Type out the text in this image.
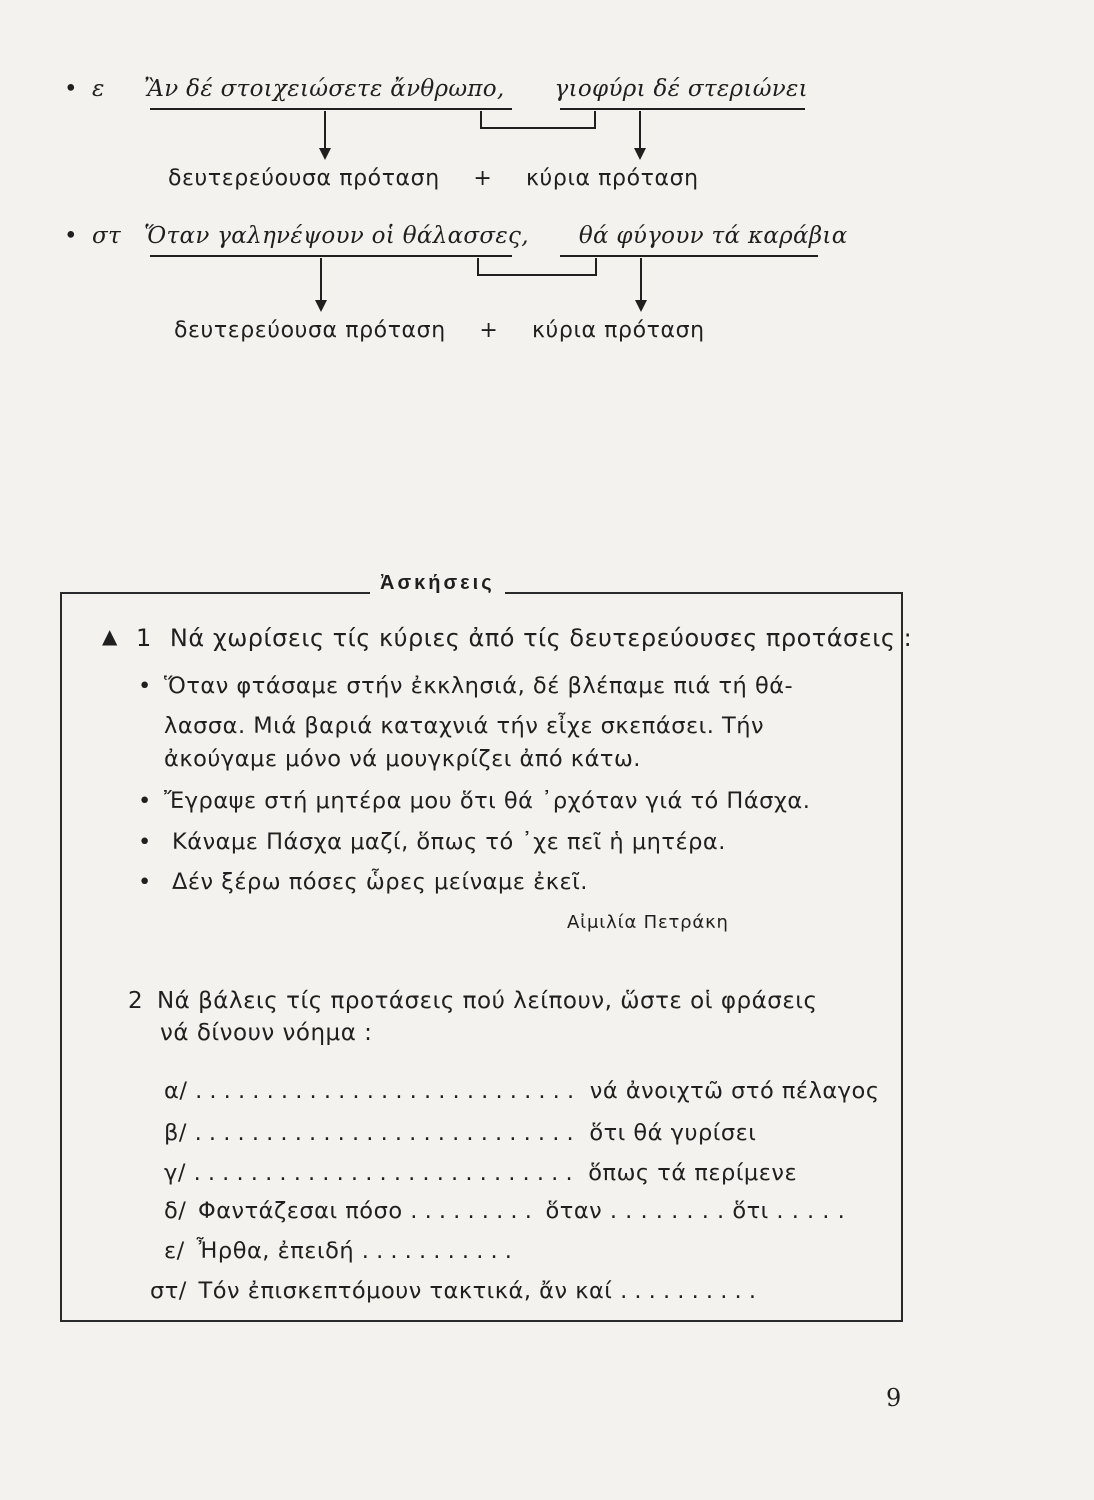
• ε Ἂν δέ στοιχειώσετε ἄνθρωπο, γιοφύρι δέ στεριώνει
δευτερεύουσα πρόταση + κύρια πρόταση
• στ Ὅταν γαληνέψουν οἱ θάλασσες, θά φύγουν τά καράβια
δευτερεύουσα πρόταση + κύρια πρόταση
Ἀσκήσεις
▲ 1 Νά χωρίσεις τίς κύριες ἀπό τίς δευτερεύουσες προτάσεις :
• Ὅταν φτάσαμε στήν ἐκκλησιά, δέ βλέπαμε πιά τή θά-
λασσα. Μιά βαριά καταχνιά τήν εἶχε σκεπάσει. Τήν
ἀκούγαμε μόνο νά μουγκρίζει ἀπό κάτω.
• Ἔγραψε στή μητέρα μου ὅτι θά ᾽ρχόταν γιά τό Πάσχα.
• Κάναμε Πάσχα μαζί, ὅπως τό ᾽χε πεῖ ἡ μητέρα.
• Δέν ξέρω πόσες ὧρες μείναμε ἐκεῖ.
Αἰμιλία Πετράκη
2 Νά βάλεις τίς προτάσεις πού λείπουν, ὥστε οἱ φράσεις
νά δίνουν νόημα :
α/ . . . . . . . . . . . . . . . . . . . . . . . . . . . νά ἀνοιχτῶ στό πέλαγος
β/ . . . . . . . . . . . . . . . . . . . . . . . . . . . ὅτι θά γυρίσει
γ/ . . . . . . . . . . . . . . . . . . . . . . . . . . . ὅπως τά περίμενε
δ/ Φαντάζεσαι πόσο . . . . . . . . . ὅταν . . . . . . . . ὅτι . . . . .
ε/ Ἦρθα, ἐπειδή . . . . . . . . . . .
στ/ Τόν ἐπισκεπτόμουν τακτικά, ἄν καί . . . . . . . . . .
9
